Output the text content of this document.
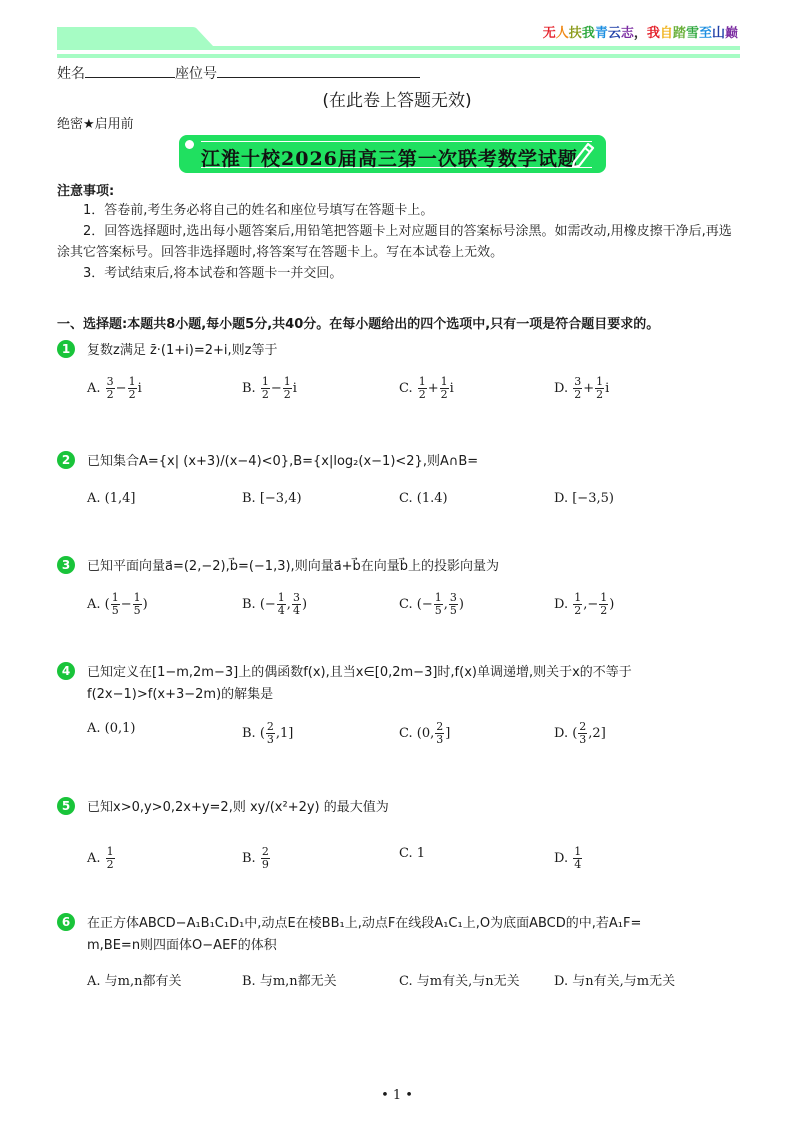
无人扶我青云志，我自踏雪至山巅
姓名	座位号
(在此卷上答题无效)
绝密★启用前
江淮十校2026届高三第一次联考数学试题
注意事项:

1．答卷前,考生务必将自己的姓名和座位号填写在答题卡上。

2．回答选择题时,选出每小题答案后,用铅笔把答题卡上对应题目的答案标号涂黑。如需改动,用橡皮擦干净后,再选涂其它答案标号。回答非选择题时,将答案写在答题卡上。写在本试卷上无效。

3．考试结束后,将本试卷和答题卡一并交回。

一、选择题:本题共8小题,每小题5分,共40分。在每小题给出的四个选项中,只有一项是符合题目要求的。
1	复数z满足 z̄·(1+i)=2+i,则z等于
A. $\frac{3}{2} - \frac{1}{2}$ i	B. $\frac{1}{2} - \frac{1}{2}$ i	C. $\frac{1}{2} + \frac{1}{2}$ i	D. $\frac{3}{2} + \frac{1}{2}$ i
2	已知集合A={x| (x+3)/(x−4)<0},B={x|log₂(x−1)<2},则A∩B=
A. (1,4]	B. [−3,4)	C. (1.4)	D. [−3,5)
3	已知平面向量a⃗=(2,−2),b⃗=(−1,3),则向量a⃗+b⃗在向量b⃗上的投影向量为
A. ( $\frac{1}{5} - \frac{1}{5}$ )	B. (− $\frac{1}{4}$ , $\frac{3}{4}$ )	C. (− $\frac{1}{5}$ , $\frac{3}{5}$ )	D. $\frac{1}{2}$ ,− $\frac{1}{2}$ )
4	已知定义在[1−m,2m−3]上的偶函数f(x),且当x∈[0,2m−3]时,f(x)单调递增,则关于x的不等于
f(2x−1)>f(x+3−2m)的解集是
A. (0,1)	B. ( $\frac{2}{3} ,1$]	C. (0, $\frac{2}{3}$ ]	D. ( $\frac{2}{3} ,2$]
5	已知x>0,y>0,2x+y=2,则 xy/(x²+2y) 的最大值为
A. $\frac{1}{2}$	B. $\frac{2}{9}$	C. 1	D. $\frac{1}{4}$
6	在正方体ABCD−A₁B₁C₁D₁中,动点E在棱BB₁上,动点F在线段A₁C₁上,O为底面ABCD的中,若A₁F=
m,BE=n则四面体O−AEF的体积
A. 与m,n都有关	B. 与m,n都无关	C. 与m有关,与n无关	D. 与n有关,与m无关
• 1 •
